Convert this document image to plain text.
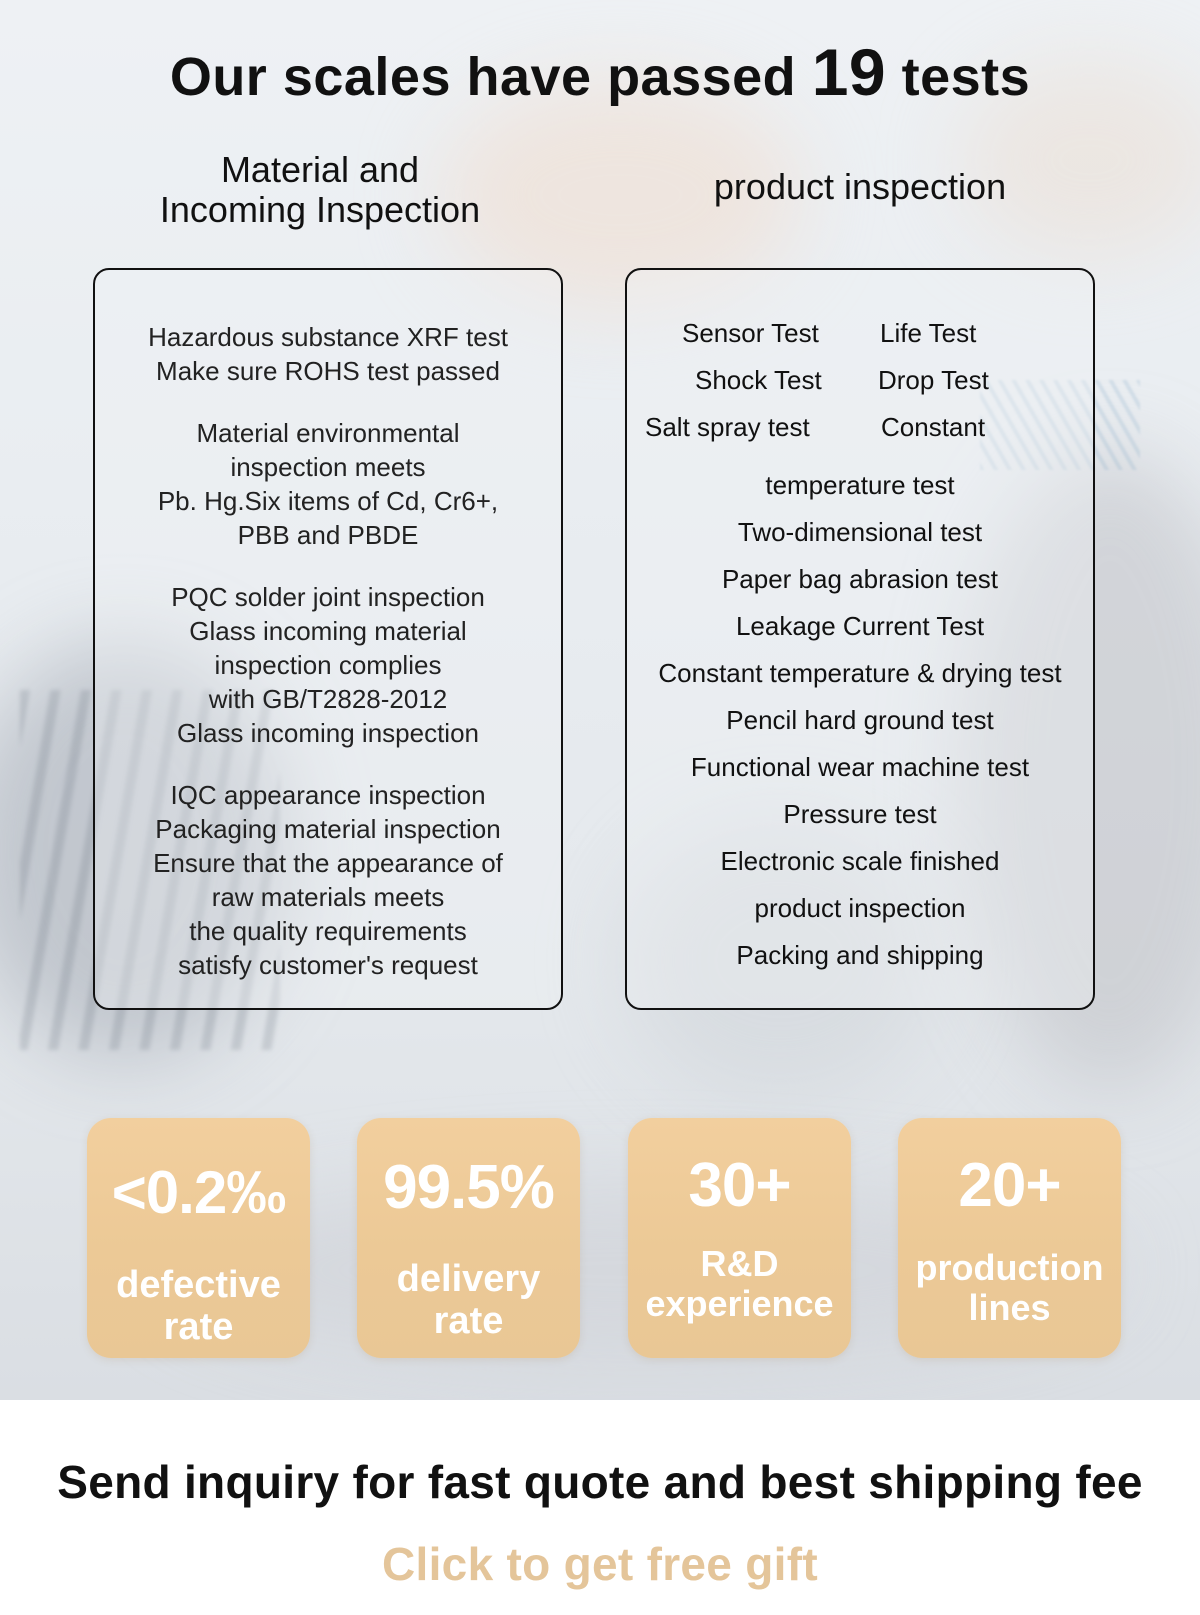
Our scales have passed 19 tests
Material and
Incoming Inspection
product inspection
Hazardous substance XRF test
Make sure ROHS test passed
Material environmental
inspection meets
Pb. Hg.Six items of Cd, Cr6+,
PBB and PBDE
PQC solder joint inspection
Glass incoming material
inspection complies
with GB/T2828-2012
Glass incoming inspection
IQC appearance inspection
Packaging material inspection
Ensure that the appearance of
raw materials meets
the quality requirements
satisfy customer's request
Sensor Test Life Test
Shock Test Drop Test
Salt spray test	Constant
temperature test
Two-dimensional test
Paper bag abrasion test
Leakage Current Test
Constant temperature & drying test
Pencil hard ground test
Functional wear machine test
Pressure test
Electronic scale finished
product inspection
Packing and shipping
<0.2‰
defective
rate
99.5%
delivery
rate
30+
R&D
experience
20+
production
lines
Send inquiry for fast quote and best shipping fee
Click to get free gift
